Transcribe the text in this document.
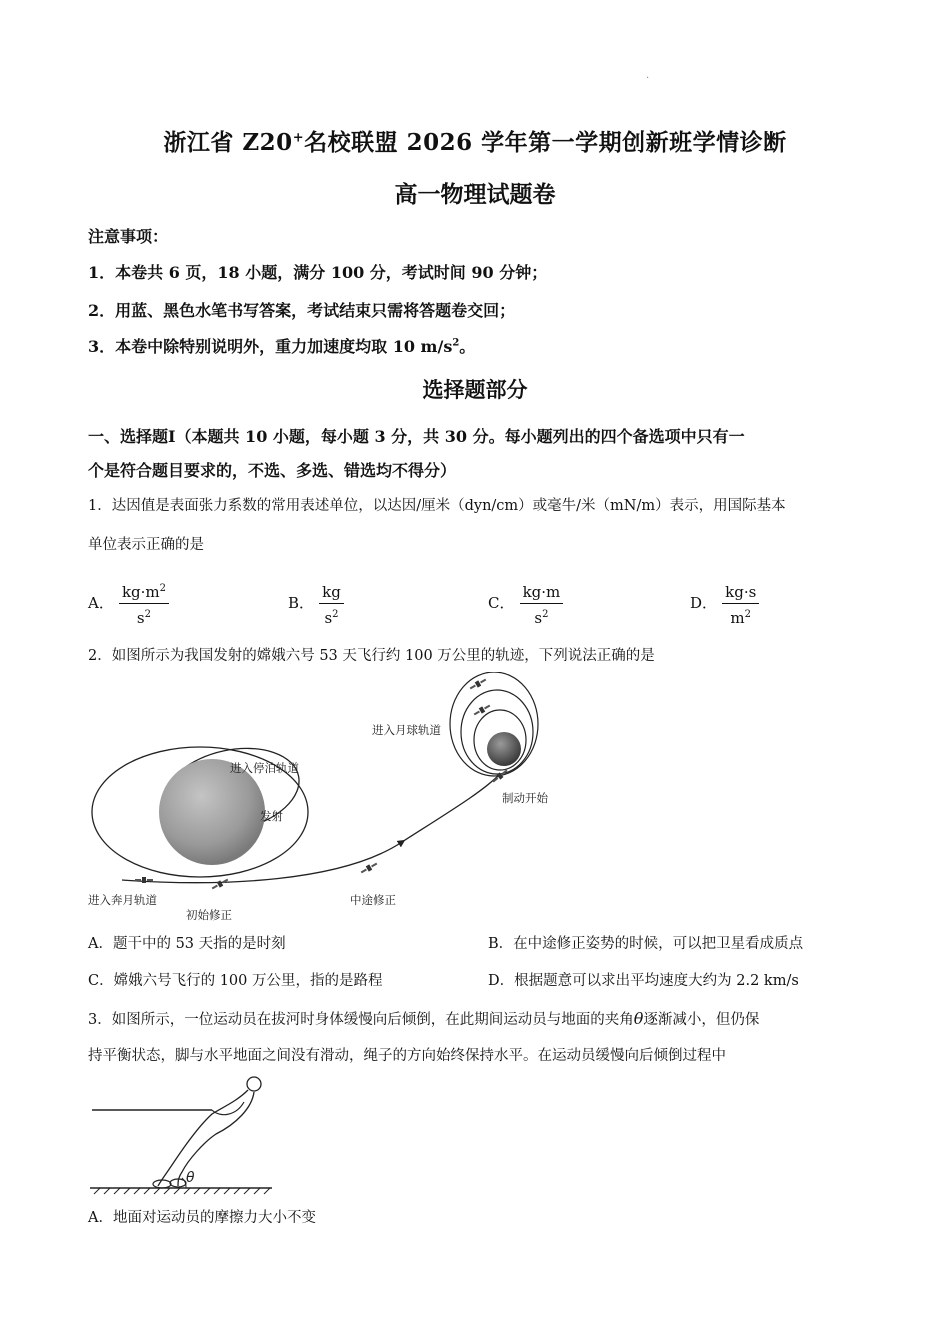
.
浙江省 Z20+名校联盟 2026 学年第一学期创新班学情诊断
高一物理试题卷
注意事项：
1．本卷共 6 页，18 小题，满分 100 分，考试时间 90 分钟；
2．用蓝、黑色水笔书写答案，考试结束只需将答题卷交回；
3．本卷中除特别说明外，重力加速度均取 10 $m/s^2$。
选择题部分
一、选择题Ⅰ（本题共 10 小题，每小题 3 分，共 30 分。每小题列出的四个备选项中只有一
个是符合题目要求的，不选、多选、错选均不得分）
1．达因值是表面张力系数的常用表述单位，以达因/厘米（dyn/cm）或毫牛/米（mN/m）表示，用国际基本
单位表示正确的是
A． $\frac{kg\cdot m^2}{s^2}$	B． $\frac{kg}{s^2}$	C． $\frac{kg\cdot m}{s^2}$	D． $\frac{kg\cdot s}{m^2}$
2．如图所示为我国发射的嫦娥六号 53 天飞行约 100 万公里的轨迹，下列说法正确的是
进入月球轨道
进入停泊轨道
发射
制动开始
进入奔月轨道
初始修正
中途修正
A．题干中的 53 天指的是时刻	B．在中途修正姿势的时候，可以把卫星看成质点
C．嫦娥六号飞行的 100 万公里，指的是路程	D．根据题意可以求出平均速度大约为 2.2 km/s
3．如图所示，一位运动员在拔河时身体缓慢向后倾倒，在此期间运动员与地面的夹角θ逐渐减小，但仍保
持平衡状态，脚与水平地面之间没有滑动，绳子的方向始终保持水平。在运动员缓慢向后倾倒过程中
θ
A．地面对运动员的摩擦力大小不变
